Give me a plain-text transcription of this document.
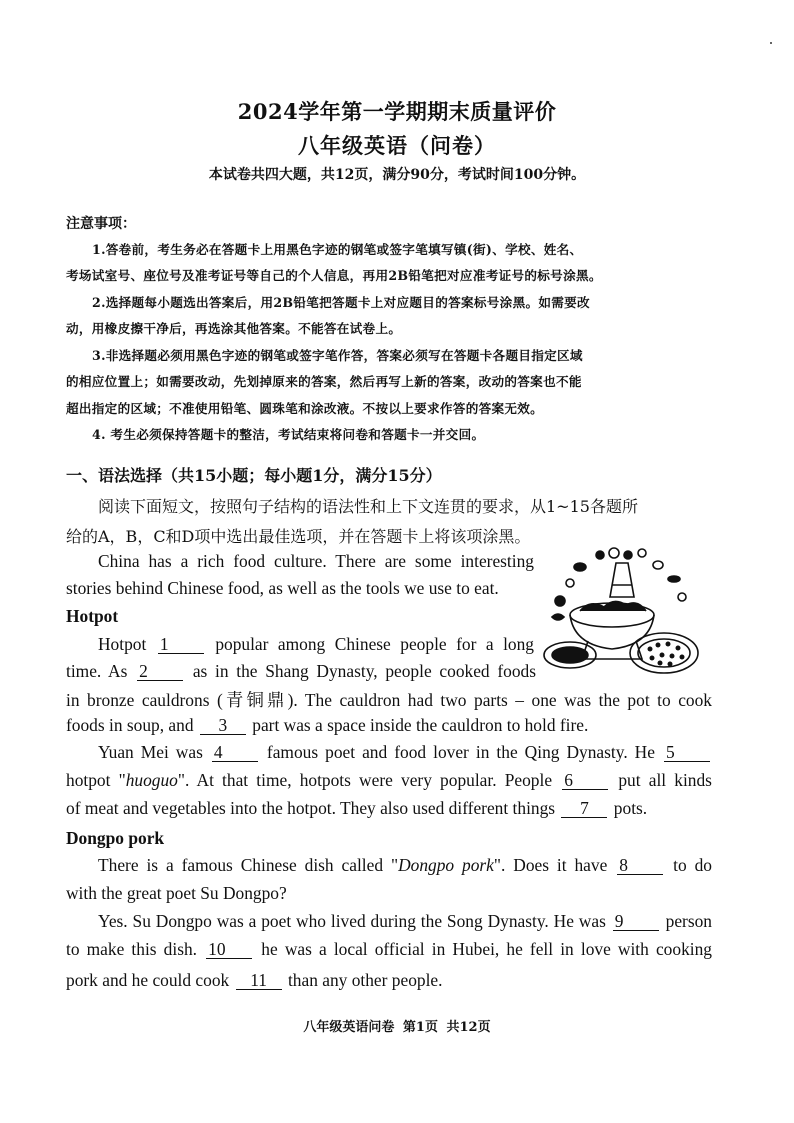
2024学年第一学期期末质量评价
八年级英语（问卷）
本试卷共四大题，共12页，满分90分，考试时间100分钟。
注意事项：
1.答卷前，考生务必在答题卡上用黑色字迹的钢笔或签字笔填写镇(街)、学校、姓名、
考场试室号、座位号及准考证号等自己的个人信息，再用2B铅笔把对应准考证号的标号涂黑。
2.选择题每小题选出答案后，用2B铅笔把答题卡上对应题目的答案标号涂黑。如需要改
动，用橡皮擦干净后，再选涂其他答案。不能答在试卷上。
3.非选择题必须用黑色字迹的钢笔或签字笔作答，答案必须写在答题卡各题目指定区域
的相应位置上；如需要改动，先划掉原来的答案，然后再写上新的答案，改动的答案也不能
超出指定的区域；不准使用铅笔、圆珠笔和涂改液。不按以上要求作答的答案无效。
4. 考生必须保持答题卡的整洁，考试结束将问卷和答题卡一并交回。
一、语法选择（共15小题；每小题1分，满分15分）
阅读下面短文，按照句子结构的语法性和上下文连贯的要求，从1~15各题所
给的A，B，C和D项中选出最佳选项，并在答题卡上将该项涂黑。
China has a rich food culture. There are some interesting
stories behind Chinese food, as well as the tools we use to eat.
Hotpot
Hotpot 1	popular among Chinese people for a long
time. As 2	as in the Shang Dynasty, people cooked foods
in bronze cauldrons (青铜鼎). The cauldron had two parts – one was the pot to cook
foods in soup, and 3 part was a space inside the cauldron to hold fire.
Yuan Mei was 4	famous poet and food lover in the Qing Dynasty. He 5
hotpot "huoguo". At that time, hotpots were very popular. People 6	put all kinds
of meat and vegetables into the hotpot. They also used different things 7 pots.
Dongpo pork
There is a famous Chinese dish called "Dongpo pork". Does it have 8	to do
with the great poet Su Dongpo?
Yes. Su Dongpo was a poet who lived during the Song Dynasty. He was 9 person
to make this dish. 10 he was a local official in Hubei, he fell in love with cooking
pork and he could cook 11 than any other people.
八年级英语问卷 第1页 共12页
